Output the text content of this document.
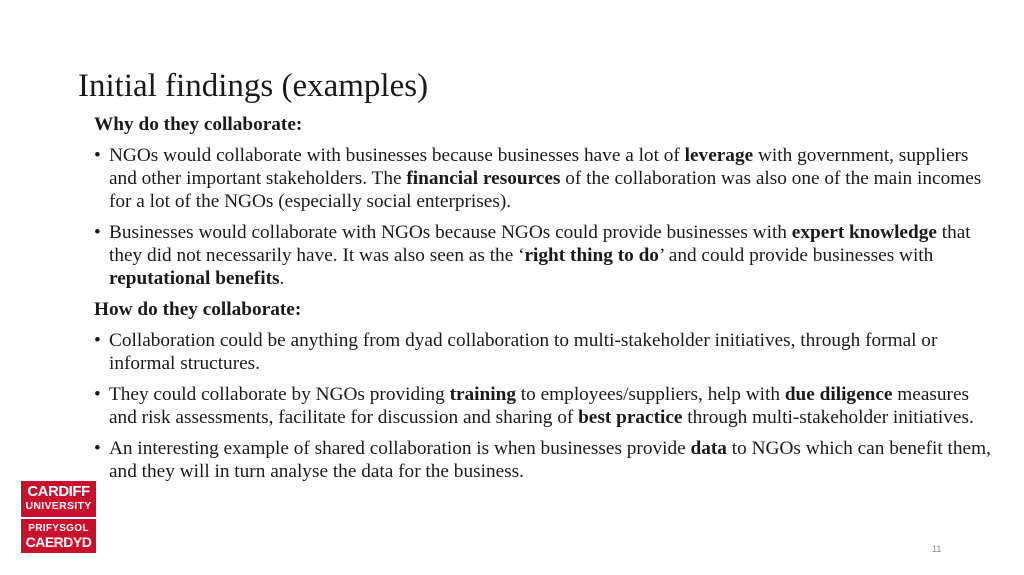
Initial findings (examples)
Why do they collaborate:
• NGOs would collaborate with businesses because businesses have a lot of leverage with government, suppliers and other important stakeholders. The financial resources of the collaboration was also one of the main incomes for a lot of the NGOs (especially social enterprises).
• Businesses would collaborate with NGOs because NGOs could provide businesses with expert knowledge that they did not necessarily have. It was also seen as the ‘right thing to do’ and could provide businesses with reputational benefits.
How do they collaborate:
• Collaboration could be anything from dyad collaboration to multi-stakeholder initiatives, through formal or informal structures.
• They could collaborate by NGOs providing training to employees/suppliers, help with due diligence measures and risk assessments, facilitate for discussion and sharing of best practice through multi-stakeholder initiatives.
• An interesting example of shared collaboration is when businesses provide data to NGOs which can benefit them, and they will in turn analyse the data for the business.
CARDIFF
UNIVERSITY
PRIFYSGOL
CAERDYD	11
